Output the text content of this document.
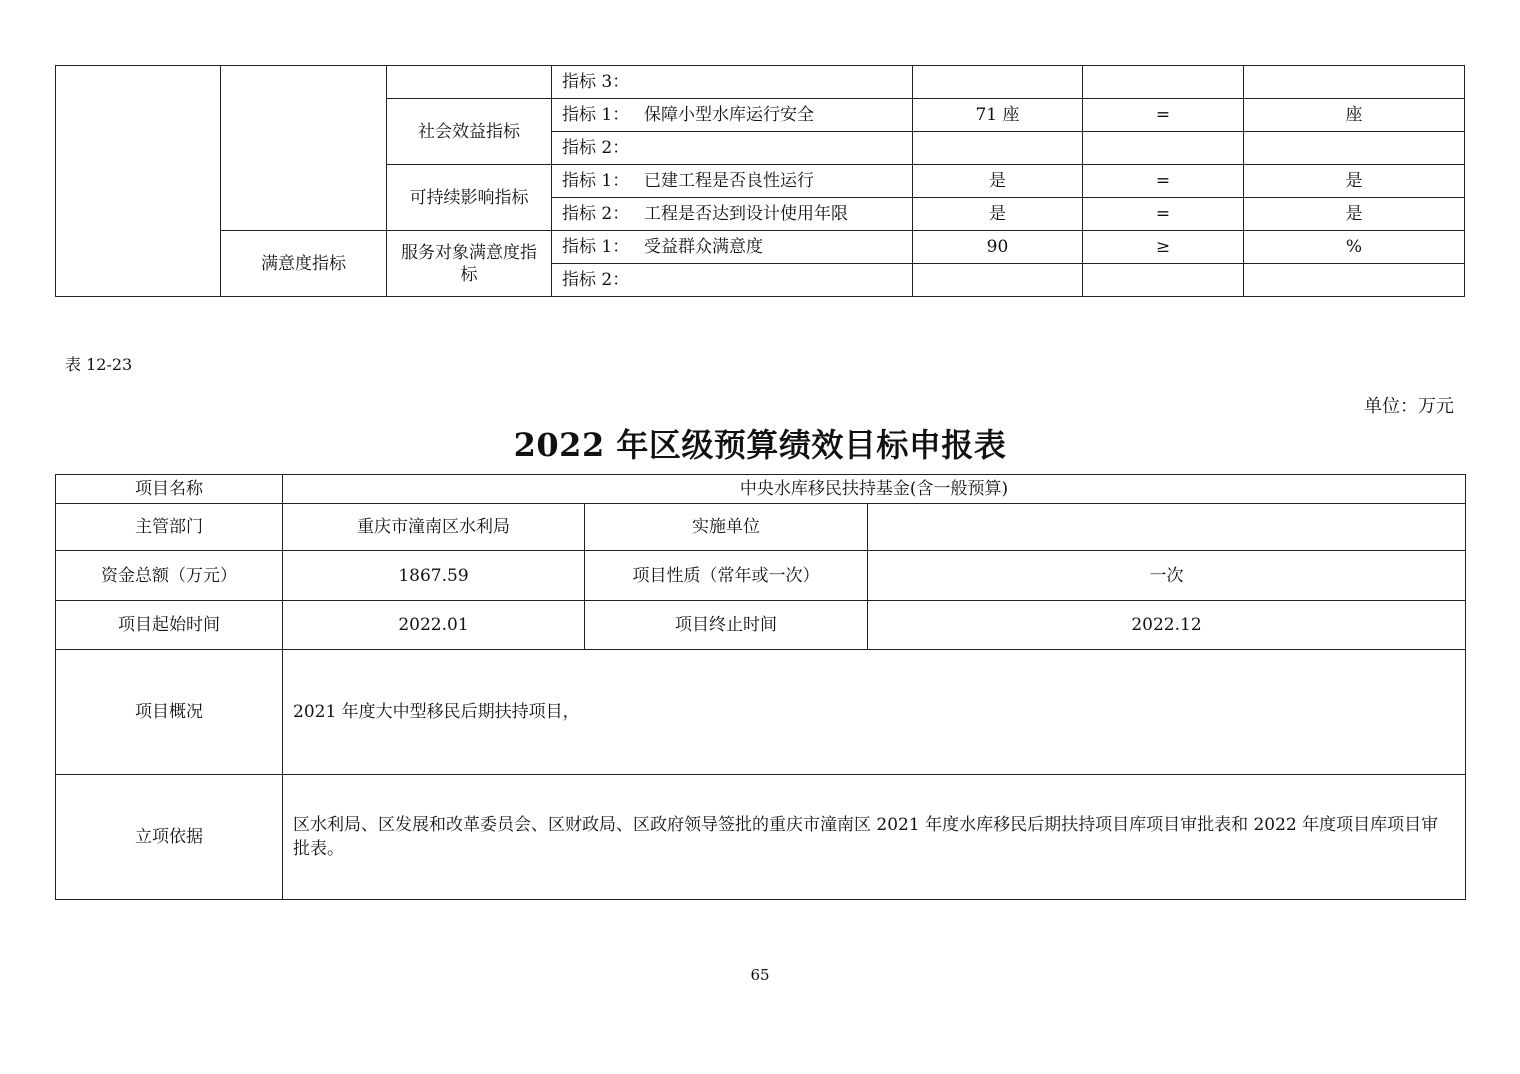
			指标 3：			
		社会效益指标	指标 1： 保障小型水库运行安全	71 座	=	座
			指标 2：			
		可持续影响指标	指标 1： 已建工程是否良性运行	是	=	是
			指标 2： 工程是否达到设计使用年限	是	=	是
	满意度指标	服务对象满意度指标	指标 1： 受益群众满意度	90	≥	%
			指标 2：			
表 12-23
单位：万元
2022 年区级预算绩效目标申报表
项目名称	中央水库移民扶持基金(含一般预算)		
主管部门	重庆市潼南区水利局	实施单位	
资金总额（万元）	1867.59	项目性质（常年或一次）	一次
项目起始时间	2022.01	项目终止时间	2022.12
项目概况	2021 年度大中型移民后期扶持项目，		
立项依据	区水利局、区发展和改革委员会、区财政局、区政府领导签批的重庆市潼南区 2021 年度水库移民后期扶持项目库项目审批表和 2022 年度项目库项目审批表。		
65
